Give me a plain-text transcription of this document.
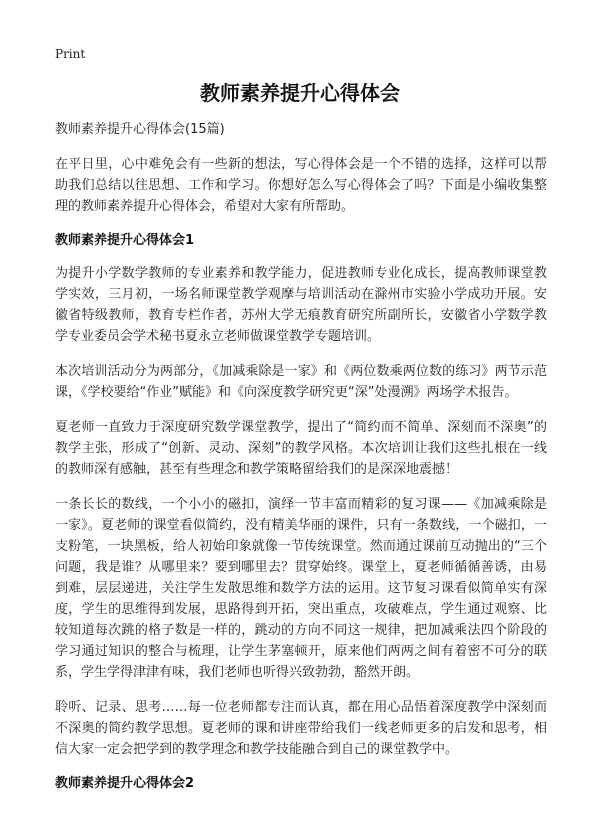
Print
教师素养提升心得体会
教师素养提升心得体会(15篇)

在平日里，心中难免会有一些新的想法，写心得体会是一个不错的选择，这样可以帮助我们总结以往思想、工作和学习。你想好怎么写心得体会了吗？下面是小编收集整理的教师素养提升心得体会，希望对大家有所帮助。

教师素养提升心得体会1

为提升小学数学教师的专业素养和教学能力，促进教师专业化成长，提高教师课堂教学实效，三月初，一场名师课堂教学观摩与培训活动在滁州市实验小学成功开展。安徽省特级教师，教育专栏作者，苏州大学无痕教育研究所副所长，安徽省小学数学教学专业委员会学术秘书夏永立老师做课堂教学专题培训。

本次培训活动分为两部分，《加减乘除是一家》和《两位数乘两位数的练习》两节示范课，《学校要给“作业”赋能》和《向深度教学研究更“深”处漫溯》两场学术报告。

夏老师一直致力于深度研究数学课堂教学，提出了“简约而不简单、深刻而不深奥”的教学主张，形成了“创新、灵动、深刻”的教学风格。本次培训让我们这些扎根在一线的教师深有感触，甚至有些理念和教学策略留给我们的是深深地震撼！

一条长长的数线，一个小小的磁扣，演绎一节丰富而精彩的复习课——《加减乘除是一家》。夏老师的课堂看似简约，没有精美华丽的课件，只有一条数线，一个磁扣，一支粉笔，一块黑板，给人初始印象就像一节传统课堂。然而通过课前互动抛出的“三个问题，我是谁？从哪里来？要到哪里去？贯穿始终。课堂上，夏老师循循善诱，由易到难，层层递进，关注学生发散思维和数学方法的运用。这节复习课看似简单实有深度，学生的思维得到发展，思路得到开拓，突出重点，攻破难点，学生通过观察、比较知道每次跳的格子数是一样的，跳动的方向不同这一规律，把加减乘法四个阶段的学习通过知识的整合与梳理，让学生茅塞顿开，原来他们两两之间有着密不可分的联系，学生学得津津有味，我们老师也听得兴致勃勃，豁然开朗。

聆听、记录、思考……每一位老师都专注而认真，都在用心品悟着深度教学中深刻而不深奥的简约教学思想。夏老师的课和讲座带给我们一线老师更多的启发和思考，相信大家一定会把学到的教学理念和教学技能融合到自己的课堂教学中。

教师素养提升心得体会2
